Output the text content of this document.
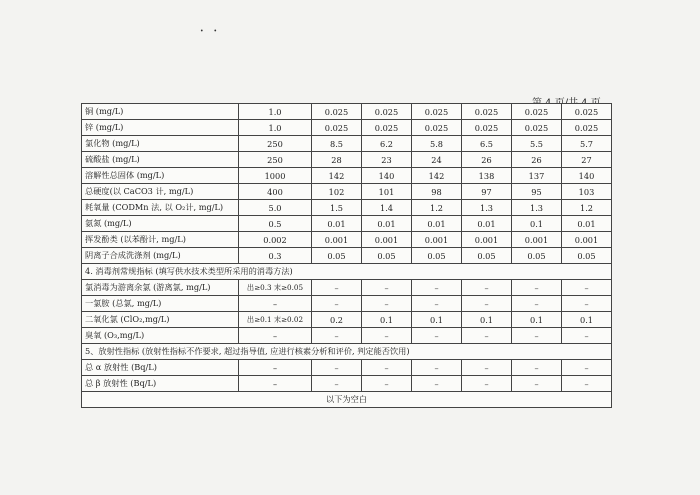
• •
铜 (mg/L)	1.0	0.025	0.025	0.025	0.025	0.025	0.025
锌 (mg/L)	1.0	0.025	0.025	0.025	0.025	0.025	0.025
氯化物 (mg/L)	250	8.5	6.2	5.8	6.5	5.5	5.7
硫酸盐 (mg/L)	250	28	23	24	26	26	27
溶解性总固体 (mg/L)	1000	142	140	142	138	137	140
总硬度(以 CaCO3 计, mg/L)	400	102	101	98	97	95	103
耗氧量 (CODMn 法, 以 O₂计, mg/L)	5.0	1.5	1.4	1.2	1.3	1.3	1.2
氨氮 (mg/L)	0.5	0.01	0.01	0.01	0.01	0.1	0.01
挥发酚类 (以苯酚计, mg/L)	0.002	0.001	0.001	0.001	0.001	0.001	0.001
阴离子合成洗涤剂 (mg/L)	0.3	0.05	0.05	0.05	0.05	0.05	0.05
4. 消毒剂常规指标 (填写供水技术类型所采用的消毒方法)							
氯消毒为游离余氯 (游离氯, mg/L)	出≥0.3 末≥0.05	–	–	–	–	–	–
一氯胺 (总氯, mg/L)	–	–	–	–	–	–	–
二氧化氯 (ClO₂,mg/L)	出≥0.1 末≥0.02	0.2	0.1	0.1	0.1	0.1	0.1
臭氧 (O₃,mg/L)	–	–	–	–	–	–	–
5、放射性指标 (放射性指标不作要求, 超过指导值, 应进行核素分析和评价, 判定能否饮用)							
总 α 放射性 (Bq/L)	–	–	–	–	–	–	–
总 β 放射性 (Bq/L)	–	–	–	–	–	–	–
以下为空白							
